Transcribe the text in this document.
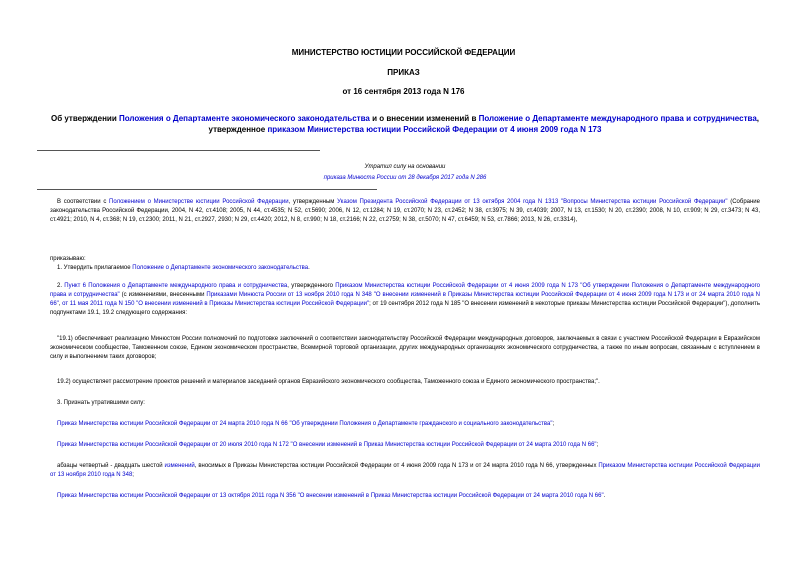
МИНИСТЕРСТВО ЮСТИЦИИ РОССИЙСКОЙ ФЕДЕРАЦИИ
ПРИКАЗ
от 16 сентября 2013 года N 176
Об утверждении Положения о Департаменте экономического законодательства и о внесении изменений в Положение о Департаменте международного права и сотрудничества, утвержденное приказом Министерства юстиции Российской Федерации от 4 июня 2009 года N 173
Утратил силу на основании
приказа Минюста России от 28 декабря 2017 года N 286
В соответствии с Положением о Министерстве юстиции Российской Федерации, утвержденным Указом Президента Российской Федерации от 13 октября 2004 года N 1313 "Вопросы Министерства юстиции Российской Федерации" (Собрание законодательства Российской Федерации, 2004, N 42, ст.4108; 2005, N 44, ст.4535; N 52, ст.5690; 2006, N 12, ст.1284; N 19, ст.2070; N 23, ст.2452; N 38, ст.3975; N 39, ст.4039; 2007, N 13, ст.1530; N 20, ст.2390; 2008, N 10, ст.909; N 29, ст.3473; N 43, ст.4921; 2010, N 4, ст.368; N 19, ст.2300; 2011, N 21, ст.2927, 2930; N 29, ст.4420; 2012, N 8, ст.990; N 18, ст.2166; N 22, ст.2759; N 38, ст.5070; N 47, ст.6459; N 53, ст.7866; 2013, N 26, ст.3314),
приказываю:
1. Утвердить прилагаемое Положение о Департаменте экономического законодательства.
2. Пункт 6 Положения о Департаменте международного права и сотрудничества, утвержденного Приказом Министерства юстиции Российской Федерации от 4 июня 2009 года N 173 "Об утверждении Положения о Департаменте международного права и сотрудничества" (с изменениями, внесенными Приказами Минюста России от 13 ноября 2010 года N 348 "О внесении изменений в Приказы Министерства юстиции Российской Федерации от 4 июня 2009 года N 173 и от 24 марта 2010 года N 66", от 11 мая 2011 года N 150 "О внесении изменений в Приказы Министерства юстиции Российской Федерации"; от 19 сентября 2012 года N 185 "О внесении изменений в некоторые приказы Министерства юстиции Российской Федерации"), дополнить подпунктами 19.1, 19.2 следующего содержания:
"19.1) обеспечивает реализацию Минюстом России полномочий по подготовке заключений о соответствии законодательству Российской Федерации международных договоров, заключаемых в связи с участием Российской Федерации в Евразийском экономическом сообществе, Таможенном союзе, Едином экономическом пространстве, Всемирной торговой организации, других международных организациях экономического сотрудничества, а также по иным вопросам, связанным с вступлением в силу и выполнением таких договоров;
19.2) осуществляет рассмотрение проектов решений и материалов заседаний органов Евразийского экономического сообщества, Таможенного союза и Единого экономического пространства;".
3. Признать утратившими силу:
Приказ Министерства юстиции Российской Федерации от 24 марта 2010 года N 66 "Об утверждении Положения о Департаменте гражданского и социального законодательства";
Приказ Министерства юстиции Российской Федерации от 20 июля 2010 года N 172 "О внесении изменений в Приказ Министерства юстиции Российской Федерации от 24 марта 2010 года N 66";
абзацы четвертый - двадцать шестой изменений, вносимых в Приказы Министерства юстиции Российской Федерации от 4 июня 2009 года N 173 и от 24 марта 2010 года N 66, утвержденных Приказом Министерства юстиции Российской Федерации от 13 ноября 2010 года N 348;
Приказ Министерства юстиции Российской Федерации от 13 октября 2011 года N 356 "О внесении изменений в Приказ Министерства юстиции Российской Федерации от 24 марта 2010 года N 66".
